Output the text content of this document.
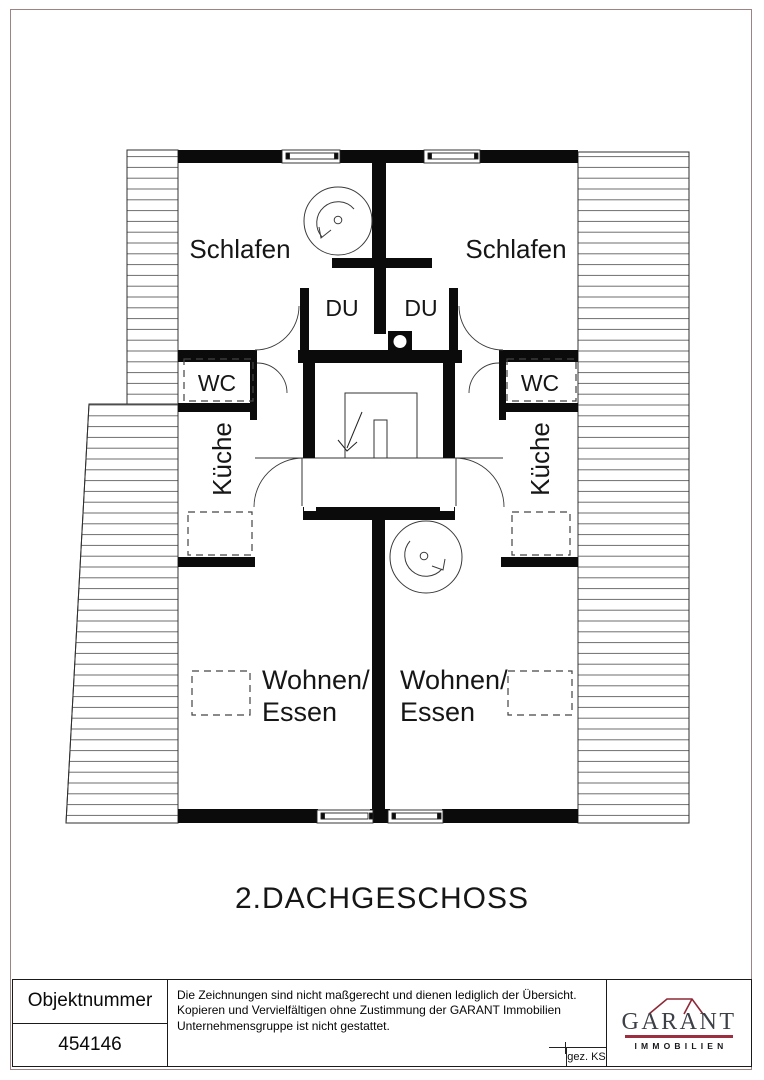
Schlafen	Schlafen
DU DU
WC	WC
Küche	Küche
Wohnen/
Essen
Wohnen/
Essen
2.DACHGESCHOSS
Objektnummer
454146
Die Zeichnungen sind nicht maßgerecht und dienen lediglich der Übersicht.
Kopieren und Vervielfältigen ohne Zustimmung der GARANT Immobilien
Unternehmensgruppe ist nicht gestattet.
gez. KS
GARANT
IMMOBILIEN
